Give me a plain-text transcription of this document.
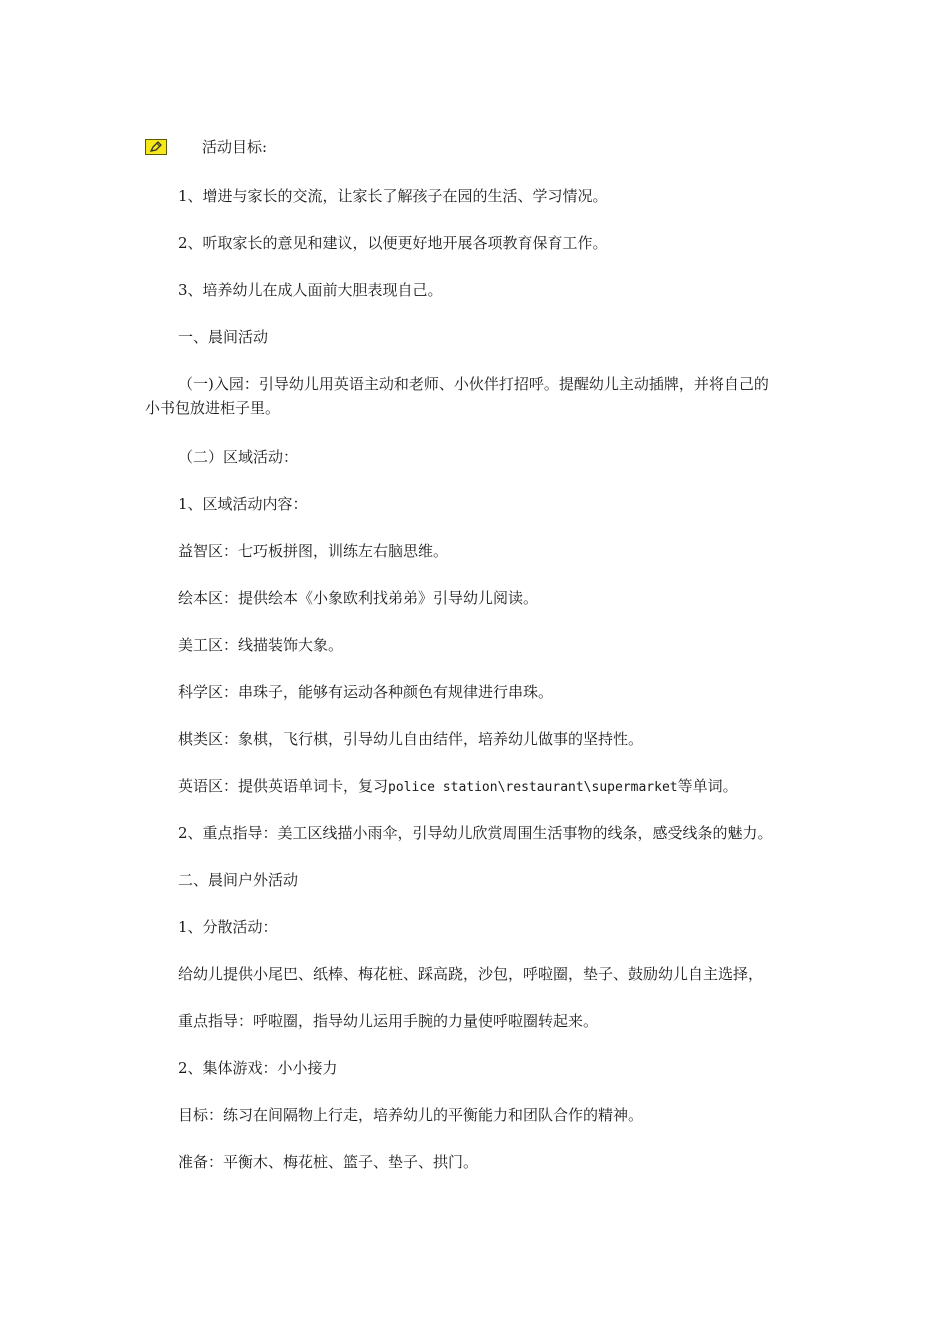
活动目标:
1、增进与家长的交流，让家长了解孩子在园的生活、学习情况。
2、听取家长的意见和建议，以便更好地开展各项教育保育工作。
3、培养幼儿在成人面前大胆表现自己。
一、晨间活动
（一)入园：引导幼儿用英语主动和老师、小伙伴打招呼。提醒幼儿主动插牌，并将自己的
小书包放进柜子里。
（二）区域活动：
1、区域活动内容：
益智区：七巧板拼图，训练左右脑思维。
绘本区：提供绘本《小象欧利找弟弟》引导幼儿阅读。
美工区：线描装饰大象。
科学区：串珠子，能够有运动各种颜色有规律进行串珠。
棋类区：象棋，飞行棋，引导幼儿自由结伴，培养幼儿做事的坚持性。
英语区：提供英语单词卡，复习police station\restaurant\supermarket等单词。
2、重点指导：美工区线描小雨伞，引导幼儿欣赏周围生活事物的线条，感受线条的魅力。
二、晨间户外活动
1、分散活动：
给幼儿提供小尾巴、纸棒、梅花桩、踩高跷，沙包，呼啦圈，垫子、鼓励幼儿自主选择，
重点指导：呼啦圈，指导幼儿运用手腕的力量使呼啦圈转起来。
2、集体游戏：小小接力
目标：练习在间隔物上行走，培养幼儿的平衡能力和团队合作的精神。
准备：平衡木、梅花桩、篮子、垫子、拱门。
